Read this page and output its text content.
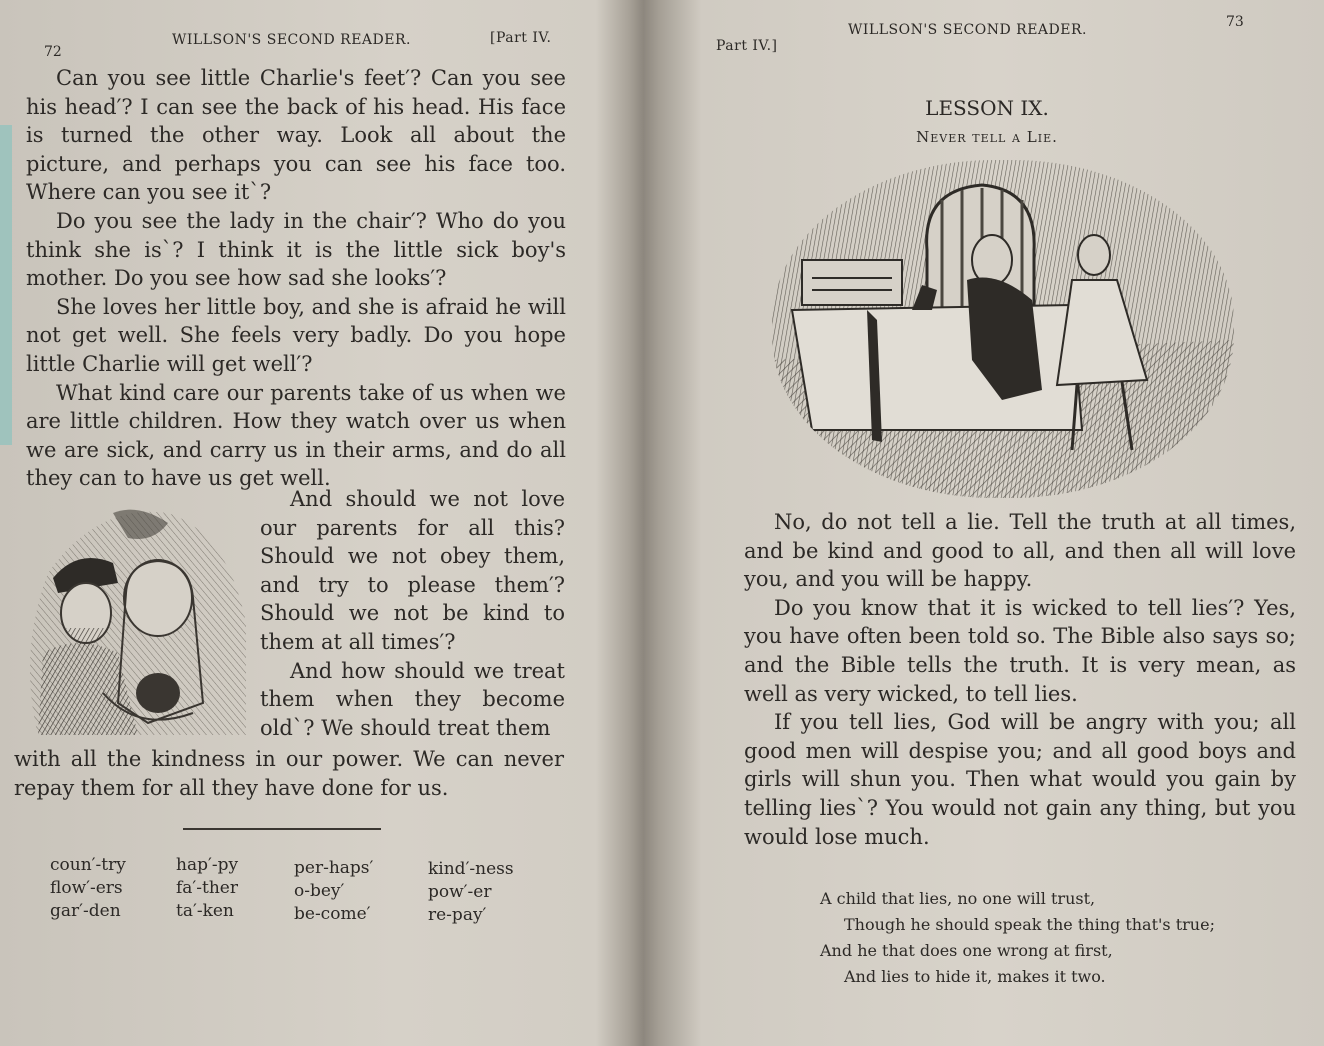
72
WILLSON'S SECOND READER.	[Part IV.

Can you see little Charlie's feet′? Can you see his head′? I can see the back of his head. His face is turned the other way. Look all about the picture, and perhaps you can see his face too. Where can you see it`?

Do you see the lady in the chair′? Who do you think she is`? I think it is the little sick boy's mother. Do you see how sad she looks′?

She loves her little boy, and she is afraid he will not get well. She feels very badly. Do you hope little Charlie will get well′?

What kind care our parents take of us when we are little children. How they watch over us when we are sick, and carry us in their arms, and do all they can to have us get well.

And should we not love our parents for all this? Should we not obey them, and try to please them′? Should we not be kind to them at all times′?

And how should we treat them when they become old`? We should treat them

with all the kindness in our power. We can never repay them for all they have done for us.

coun′-try
flow′-ers
gar′-den
hap′-py
fa′-ther
ta′-ken
per-haps′
o-bey′
be-come′
kind′-ness
pow′-er
re-pay′
Part IV.]
WILLSON'S SECOND READER.	73
LESSON IX.
Never tell a Lie.

No, do not tell a lie. Tell the truth at all times, and be kind and good to all, and then all will love you, and you will be happy.

Do you know that it is wicked to tell lies′? Yes, you have often been told so. The Bible also says so; and the Bible tells the truth. It is very mean, as well as very wicked, to tell lies.

If you tell lies, God will be angry with you; all good men will despise you; and all good boys and girls will shun you. Then what would you gain by telling lies`? You would not gain any thing, but you would lose much.

A child that lies, no one will trust,
Though he should speak the thing that's true;
And he that does one wrong at first,
And lies to hide it, makes it two.
